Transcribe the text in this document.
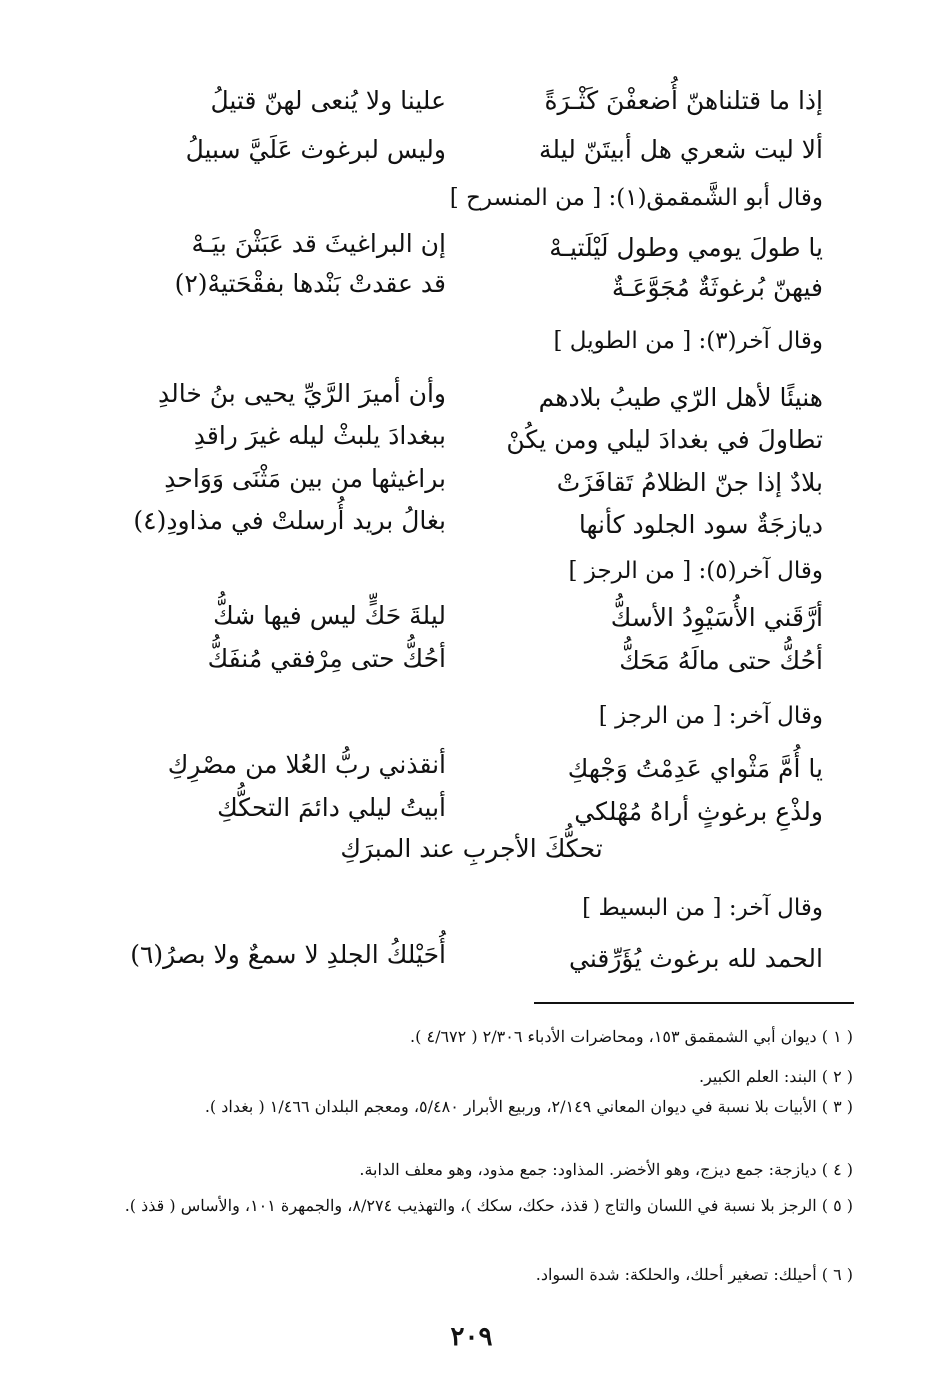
إذا ما قتلناهنّ أُضعفْنَ كَثْـرَةً
علينا ولا يُنعى لهنّ قتيلُ
ألا ليت شعري هل أبيتَنّ ليلة
وليس لبرغوث عَلَيَّ سبيلُ
وقال أبو الشَّمقمق(١): [ من المنسرح ]
يا طولَ يومي وطول لَيْلَتيـهْ
إن البراغيثَ قد عَبَثْنَ بيَـهْ
فيهنّ بُرغوثَةٌ مُجَوَّعَـةٌ
قد عقدتْ بَنْدها بفقْحَتيهْ(٢)
وقال آخر(٣): [ من الطويل ]
هنيئًا لأهل الرّي طيبُ بلادهم
وأن أميرَ الرَّيِّ يحيى بنُ خالدِ
تطاولَ في بغدادَ ليلي ومن يكُنْ
ببغدادَ يلبثْ ليله غيرَ راقدِ
بلادٌ إذا جنّ الظلامُ تَقافَزَتْ
براغيثها من بين مَثْنَى وَوَاحدِ
ديازجَةٌ سود الجلود كأنها
بغالُ بريد أُرسلتْ في مذاودِ(٤)
وقال آخر(٥): [ من الرجز ]
أرَّقَني الأُسَيْوِدُ الأسكُّ
ليلةَ حَكٍّ ليس فيها شكُّ
أحُكُّ حتى مالَهُ مَحَكُّ
أحُكُّ حتى مِرْفقي مُنفَكُّ
وقال آخر: [ من الرجز ]
يا أُمَّ مَثْواي عَدِمْتُ وَجْهكِ
أنقذني ربُّ العُلا من مصْرِكِ
ولذْعِ برغوثٍ أراهُ مُهْلكي
أبيتُ ليلي دائمَ التحكُّكِ
تحكُّكَ الأجربِ عند المبرَكِ
وقال آخر: [ من البسيط ]
الحمد لله برغوث يُؤَرِّقني
أُحَيْلكُ الجلدِ لا سمعٌ ولا بصرُ(٦)
( ١ ) ديوان أبي الشمقمق ١٥٣، ومحاضرات الأدباء ٢/٣٠٦ ( ٤/٦٧٢ ).
( ٢ ) البند: العلم الكبير.
( ٣ ) الأبيات بلا نسبة في ديوان المعاني ٢/١٤٩، وربيع الأبرار ٥/٤٨٠، ومعجم البلدان ١/٤٦٦ ( بغداد ).
( ٤ ) ديازجة: جمع ديزج، وهو الأخضر. المذاود: جمع مذود، وهو معلف الدابة.
( ٥ ) الرجز بلا نسبة في اللسان والتاج ( قذذ، حكك، سكك )، والتهذيب ٨/٢٧٤، والجمهرة ١٠١، والأساس ( قذذ ).
( ٦ ) أحيلك: تصغير أحلك، والحلكة: شدة السواد.
٢٠٩
